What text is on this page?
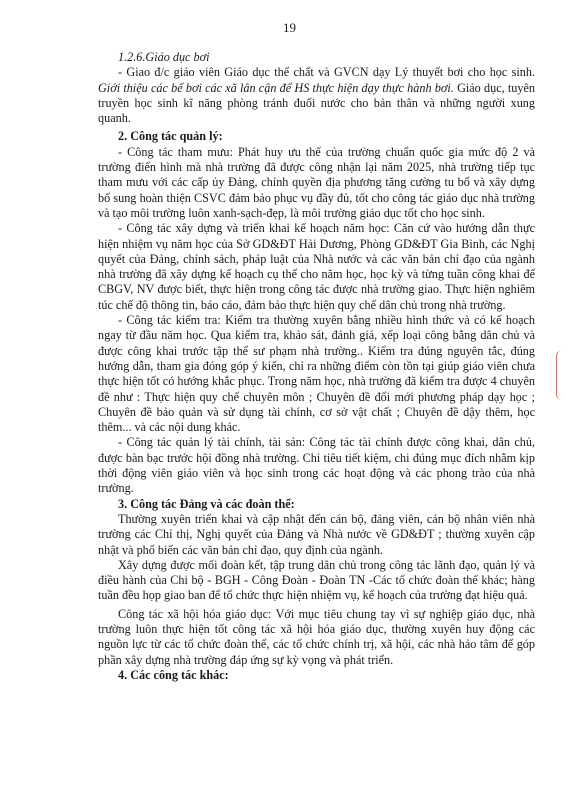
19

1.2.6.Giáo dục bơi

- Giao đ/c giáo viên Giáo dục thể chất và GVCN dạy Lý thuyết bơi cho học sinh. Giới thiệu các bể bơi các xã lân cận để HS thực hiện dạy thực hành bơi. Giáo dục, tuyên truyền học sinh kĩ năng phòng tránh đuối nước cho bản thân và những người xung quanh.

2. Công tác quản lý:

- Công tác tham mưu: Phát huy ưu thế của trường chuẩn quốc gia mức độ 2 và trường điển hình mà nhà trường đã được công nhận lại năm 2025, nhà trường tiếp tục tham mưu với các cấp ủy Đảng, chính quyền địa phương tăng cường tu bổ và xây dựng bổ sung hoàn thiện CSVC đảm bảo phục vụ đầy đủ, tốt cho công tác giáo dục nhà trường và tạo môi trường luôn xanh-sạch-đẹp, là môi trường giáo dục tốt cho học sinh.

- Công tác xây dựng và triển khai kế hoạch năm học: Căn cứ vào hướng dẫn thực hiện nhiệm vụ năm học của Sở GD&ĐT Hải Dương, Phòng GD&ĐT Gia Bình, các Nghị quyết của Đảng, chính sách, pháp luật của Nhà nước và các văn bản chỉ đạo của ngành nhà trường đã xây dựng kế hoạch cụ thể cho năm học, học kỳ và từng tuần công khai để CBGV, NV được biết, thực hiện trong công tác được nhà trường giao. Thực hiện nghiêm túc chế độ thông tin, báo cáo, đảm bảo thực hiện quy chế dân chủ trong nhà trường.

- Công tác kiểm tra: Kiểm tra thường xuyên bằng nhiều hình thức và có kế hoạch ngay từ đầu năm học. Qua kiểm tra, khảo sát, đánh giá, xếp loại công bằng dân chủ và được công khai trước tập thể sư phạm nhà trường.. Kiểm tra đúng nguyên tắc, đúng hướng dẫn, tham gia đóng góp ý kiến, chỉ ra những điểm còn tồn tại giúp giáo viên chưa thực hiện tốt có hướng khắc phục. Trong năm học, nhà trường đã kiểm tra được 4 chuyên đề như : Thực hiện quy chế chuyên môn ; Chuyên đề đổi mới phương pháp dạy học ; Chuyên đề bảo quản và sử dụng tài chính, cơ sở vật chất ; Chuyên đề dậy thêm, học thêm... và các nội dung khác.

- Công tác quản lý tài chính, tài sản: Công tác tài chính được công khai, dân chủ, được bàn bạc trước hội đồng nhà trường. Chi tiêu tiết kiệm, chi đúng mục đích nhằm kịp thời động viên giáo viên và học sinh trong các hoạt động và các phong trào của nhà trường.

3. Công tác Đảng và các đoàn thể:

Thường xuyên triển khai và cập nhật đến cán bộ, đảng viên, cán bộ nhân viên nhà trường các Chỉ thị, Nghị quyết của Đảng và Nhà nước về GD&ĐT ; thường xuyên cập nhật và phổ biến các văn bản chỉ đạo, quy định của ngành.

Xây dựng được mối đoàn kết, tập trung dân chủ trong công tác lãnh đạo, quản lý và điều hành của Chi bộ - BGH - Công Đoàn - Đoàn TN -Các tổ chức đoàn thể khác; hàng tuần đều họp giao ban để tổ chức thực hiện nhiệm vụ, kế hoạch của trường đạt hiệu quả.

Công tác xã hội hóa giáo dục: Với mục tiêu chung tay vì sự nghiệp giáo dục, nhà trường luôn thực hiện tốt công tác xã hội hóa giáo dục, thường xuyên huy động các nguồn lực từ các tổ chức đoàn thể, các tổ chức chính trị, xã hội, các nhà hảo tâm để góp phần xây dựng nhà trường đáp ứng sự kỳ vọng và phát triển.

4. Các công tác khác:
